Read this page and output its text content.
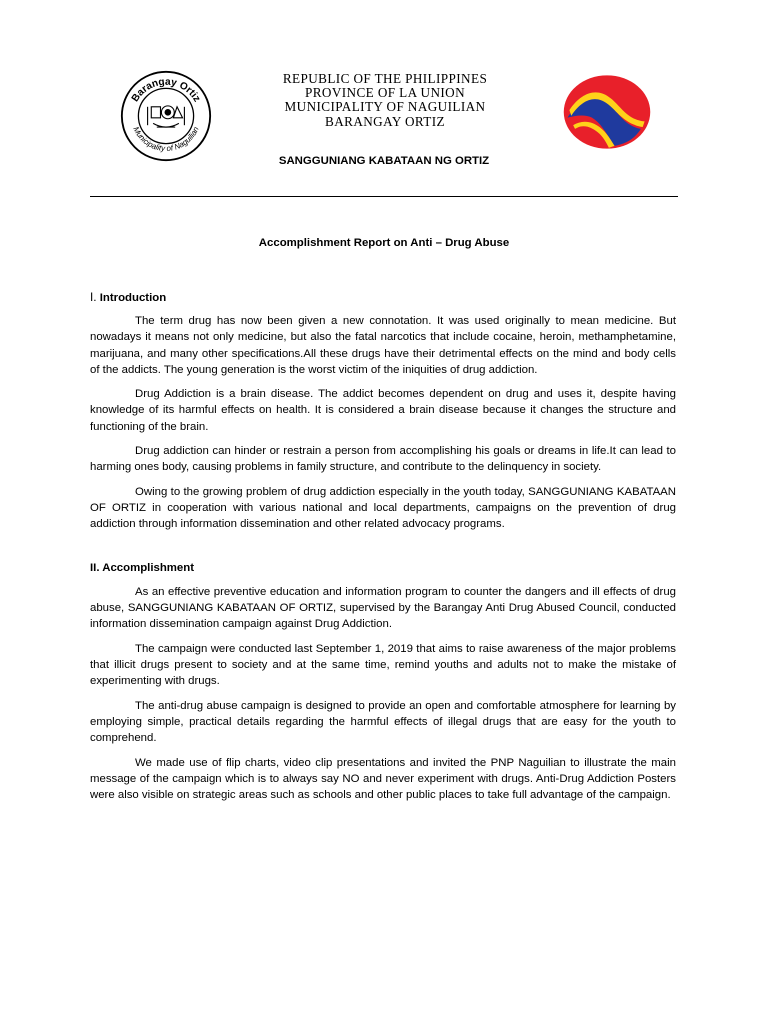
Barangay Ortiz
Municipality of Naguilian
REPUBLIC OF THE PHILIPPINES
PROVINCE OF LA UNION
MUNICIPALITY OF NAGUILIAN
BARANGAY ORTIZ
SANGGUNIANG KABATAAN NG ORTIZ
Accomplishment Report on Anti – Drug Abuse
I. Introduction

The term drug has now been given a new connotation. It was used originally to mean medicine. But nowadays it means not only medicine, but also the fatal narcotics that include cocaine, heroin, methamphetamine, marijuana, and many other specifications.All these drugs have their detrimental effects on the mind and body cells of the addicts. The young generation is the worst victim of the iniquities of drug addiction.

Drug Addiction is a brain disease. The addict becomes dependent on drug and uses it, despite having knowledge of its harmful effects on health. It is considered a brain disease because it changes the structure and functioning of the brain.

Drug addiction can hinder or restrain a person from accomplishing his goals or dreams in life.It can lead to harming ones body, causing problems in family structure, and contribute to the delinquency in society.

Owing to the growing problem of drug addiction especially in the youth today, SANGGUNIANG KABATAAN OF ORTIZ in cooperation with various national and local departments, campaigns on the prevention of drug addiction through information dissemination and other related advocacy programs.

II. Accomplishment

As an effective preventive education and information program to counter the dangers and ill effects of drug abuse, SANGGUNIANG KABATAAN OF ORTIZ, supervised by the Barangay Anti Drug Abused Council, conducted information dissemination campaign against Drug Addiction.

The campaign were conducted last September 1, 2019 that aims to raise awareness of the major problems that illicit drugs present to society and at the same time, remind youths and adults not to make the mistake of experimenting with drugs.

The anti-drug abuse campaign is designed to provide an open and comfortable atmosphere for learning by employing simple, practical details regarding the harmful effects of illegal drugs that are easy for the youth to comprehend.

We made use of flip charts, video clip presentations and invited the PNP Naguilian to illustrate the main message of the campaign which is to always say NO and never experiment with drugs. Anti-Drug Addiction Posters were also visible on strategic areas such as schools and other public places to take full advantage of the campaign.
